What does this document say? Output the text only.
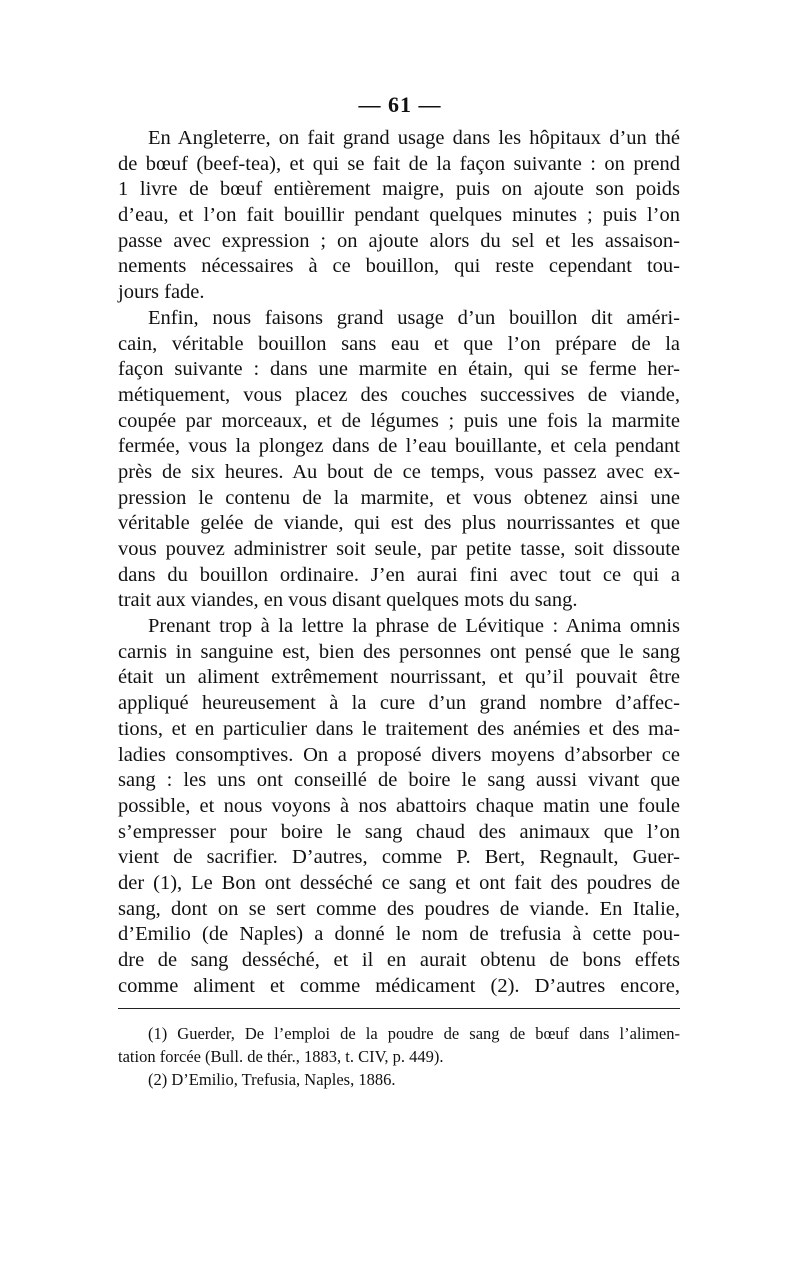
— 61 —
En Angleterre, on fait grand usage dans les hôpitaux d’un thé
de bœuf (beef-tea), et qui se fait de la façon suivante : on prend
1 livre de bœuf entièrement maigre, puis on ajoute son poids
d’eau, et l’on fait bouillir pendant quelques minutes ; puis l’on
passe avec expression ; on ajoute alors du sel et les assaison-
nements nécessaires à ce bouillon, qui reste cependant tou-
jours fade.
Enfin, nous faisons grand usage d’un bouillon dit améri-
cain, véritable bouillon sans eau et que l’on prépare de la
façon suivante : dans une marmite en étain, qui se ferme her-
métiquement, vous placez des couches successives de viande,
coupée par morceaux, et de légumes ; puis une fois la marmite
fermée, vous la plongez dans de l’eau bouillante, et cela pendant
près de six heures. Au bout de ce temps, vous passez avec ex-
pression le contenu de la marmite, et vous obtenez ainsi une
véritable gelée de viande, qui est des plus nourrissantes et que
vous pouvez administrer soit seule, par petite tasse, soit dissoute
dans du bouillon ordinaire. J’en aurai fini avec tout ce qui a
trait aux viandes, en vous disant quelques mots du sang.
Prenant trop à la lettre la phrase de Lévitique : Anima omnis
carnis in sanguine est, bien des personnes ont pensé que le sang
était un aliment extrêmement nourrissant, et qu’il pouvait être
appliqué heureusement à la cure d’un grand nombre d’affec-
tions, et en particulier dans le traitement des anémies et des ma-
ladies consomptives. On a proposé divers moyens d’absorber ce
sang : les uns ont conseillé de boire le sang aussi vivant que
possible, et nous voyons à nos abattoirs chaque matin une foule
s’empresser pour boire le sang chaud des animaux que l’on
vient de sacrifier. D’autres, comme P. Bert, Regnault, Guer-
der (1), Le Bon ont desséché ce sang et ont fait des poudres de
sang, dont on se sert comme des poudres de viande. En Italie,
d’Emilio (de Naples) a donné le nom de trefusia à cette pou-
dre de sang desséché, et il en aurait obtenu de bons effets
comme aliment et comme médicament (2). D’autres encore,
(1) Guerder, De l’emploi de la poudre de sang de bœuf dans l’alimen-
tation forcée (Bull. de thér., 1883, t. CIV, p. 449).
(2) D’Emilio, Trefusia, Naples, 1886.
